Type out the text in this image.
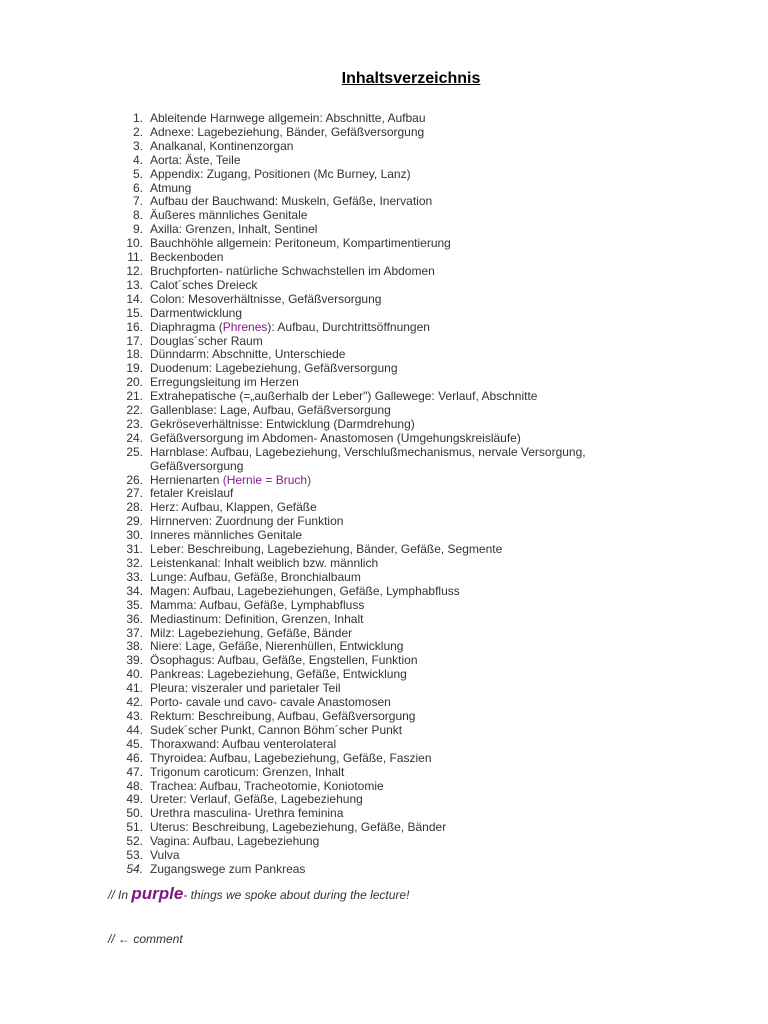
Inhaltsverzeichnis
1. Ableitende Harnwege allgemein: Abschnitte, Aufbau
2. Adnexe: Lagebeziehung, Bänder, Gefäßversorgung
3. Analkanal, Kontinenzorgan
4. Aorta: Äste, Teile
5. Appendix: Zugang, Positionen (Mc Burney, Lanz)
6. Atmung
7. Aufbau der Bauchwand: Muskeln, Gefäße, Inervation
8. Äußeres männliches Genitale
9. Axilla: Grenzen, Inhalt, Sentinel
10. Bauchhöhle allgemein: Peritoneum, Kompartimentierung
11. Beckenboden
12. Bruchpforten- natürliche Schwachstellen im Abdomen
13. Calot´sches Dreieck
14. Colon: Mesoverhältnisse, Gefäßversorgung
15. Darmentwicklung
16. Diaphragma (Phrenes): Aufbau, Durchtrittsöffnungen
17. Douglas´scher Raum
18. Dünndarm: Abschnitte, Unterschiede
19. Duodenum: Lagebeziehung, Gefäßversorgung
20. Erregungsleitung im Herzen
21. Extrahepatische (=„außerhalb der Leber") Gallewege: Verlauf, Abschnitte
22. Gallenblase: Lage, Aufbau, Gefäßversorgung
23. Gekröseverhältnisse: Entwicklung (Darmdrehung)
24. Gefäßversorgung im Abdomen- Anastomosen (Umgehungskreisläufe)
25. Harnblase: Aufbau, Lagebeziehung, Verschlußmechanismus, nervale Versorgung, Gefäßversorgung
26. Hernienarten (Hernie = Bruch)
27. fetaler Kreislauf
28. Herz: Aufbau, Klappen, Gefäße
29. Hirnnerven: Zuordnung der Funktion
30. Inneres männliches Genitale
31. Leber: Beschreibung, Lagebeziehung, Bänder, Gefäße, Segmente
32. Leistenkanal: Inhalt weiblich bzw. männlich
33. Lunge: Aufbau, Gefäße, Bronchialbaum
34. Magen: Aufbau, Lagebeziehungen, Gefäße, Lymphabfluss
35. Mamma: Aufbau, Gefäße, Lymphabfluss
36. Mediastinum: Definition, Grenzen, Inhalt
37. Milz: Lagebeziehung, Gefäße, Bänder
38. Niere: Lage, Gefäße, Nierenhüllen, Entwicklung
39. Ösophagus: Aufbau, Gefäße, Engstellen, Funktion
40. Pankreas: Lagebeziehung, Gefäße, Entwicklung
41. Pleura: viszeraler und parietaler Teil
42. Porto- cavale und cavo- cavale Anastomosen
43. Rektum: Beschreibung, Aufbau, Gefäßversorgung
44. Sudek´scher Punkt, Cannon Böhm´scher Punkt
45. Thoraxwand: Aufbau venterolateral
46. Thyroidea: Aufbau, Lagebeziehung, Gefäße, Faszien
47. Trigonum caroticum: Grenzen, Inhalt
48. Trachea: Aufbau, Tracheotomie, Koniotomie
49. Ureter: Verlauf, Gefäße, Lagebeziehung
50. Urethra masculina- Urethra feminina
51. Uterus: Beschreibung, Lagebeziehung, Gefäße, Bänder
52. Vagina: Aufbau, Lagebeziehung
53. Vulva
54. Zugangswege zum Pankreas
// In purple- things we spoke about during the lecture!
// ← comment
